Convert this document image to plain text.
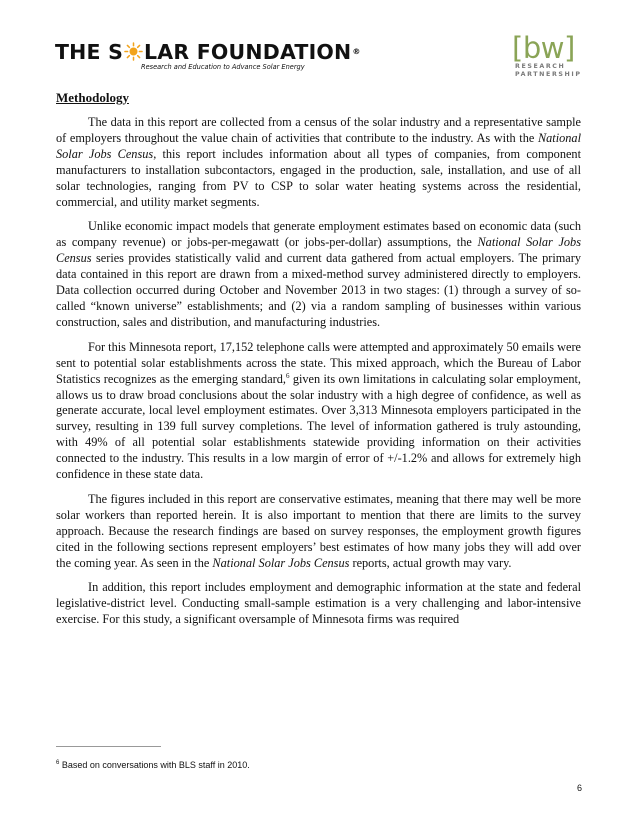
THE S LAR FOUNDATION®
Research and Education to Advance Solar Energy
[bw]
RESEARCH
PARTNERSHIP
Methodology

The data in this report are collected from a census of the solar industry and a representative sample of employers throughout the value chain of activities that contribute to the industry. As with the National Solar Jobs Census, this report includes information about all types of companies, from component manufacturers to installation subcontactors, engaged in the production, sale, installation, and use of all solar technologies, ranging from PV to CSP to solar water heating systems across the residential, commercial, and utility market segments.

Unlike economic impact models that generate employment estimates based on economic data (such as company revenue) or jobs-per-megawatt (or jobs-per-dollar) assumptions, the National Solar Jobs Census series provides statistically valid and current data gathered from actual employers. The primary data contained in this report are drawn from a mixed-method survey administered directly to employers. Data collection occurred during October and November 2013 in two stages: (1) through a survey of so-called “known universe” establishments; and (2) via a random sampling of businesses within various construction, sales and distribution, and manufacturing industries.

For this Minnesota report, 17,152 telephone calls were attempted and approximately 50 emails were sent to potential solar establishments across the state. This mixed approach, which the Bureau of Labor Statistics recognizes as the emerging standard,$^6$ given its own limitations in calculating solar employment, allows us to draw broad conclusions about the solar industry with a high degree of confidence, as well as generate accurate, local level employment estimates. Over 3,313 Minnesota employers participated in the survey, resulting in 139 full survey completions. The level of information gathered is truly astounding, with 49% of all potential solar establishments statewide providing information on their activities connected to the industry. This results in a low margin of error of +/-1.2% and allows for extremely high confidence in these state data.

The figures included in this report are conservative estimates, meaning that there may well be more solar workers than reported herein. It is also important to mention that there are limits to the survey approach. Because the research findings are based on survey responses, the employment growth figures cited in the following sections represent employers’ best estimates of how many jobs they will add over the coming year. As seen in the National Solar Jobs Census reports, actual growth may vary.

In addition, this report includes employment and demographic information at the state and federal legislative-district level. Conducting small-sample estimation is a very challenging and labor-intensive exercise. For this study, a significant oversample of Minnesota firms was required

$^6$ Based on conversations with BLS staff in 2010.
6
